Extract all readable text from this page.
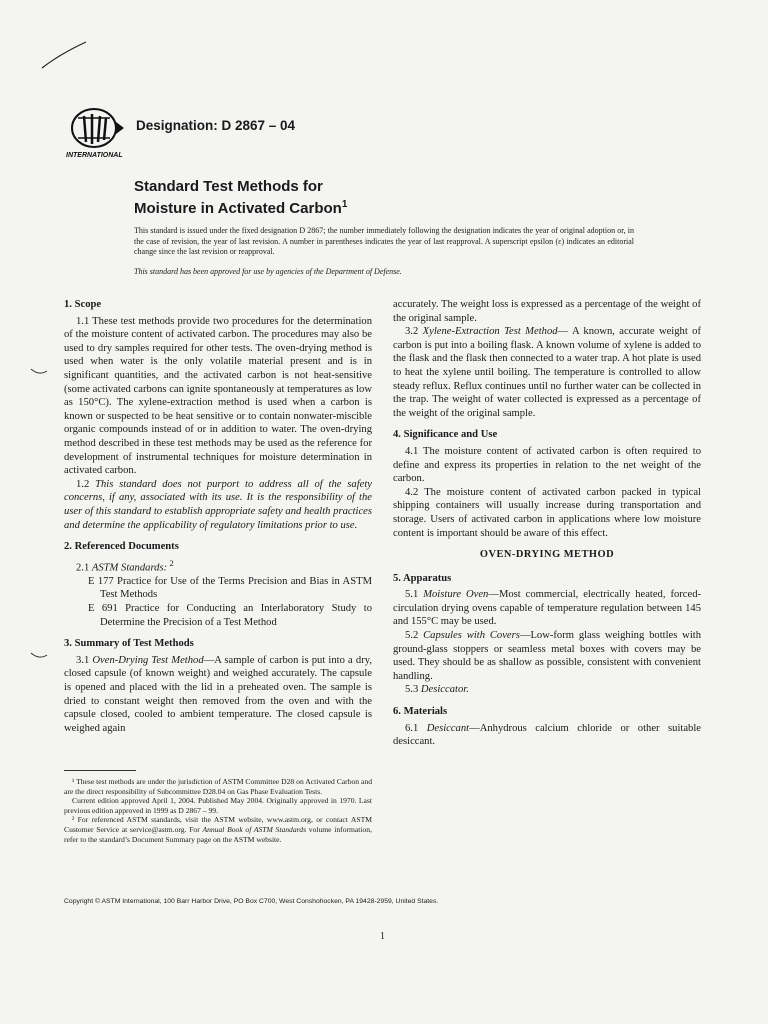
INTERNATIONAL
Designation: D 2867 – 04
Standard Test Methods for
Moisture in Activated Carbon$^1$
This standard is issued under the fixed designation D 2867; the number immediately following the designation indicates the year of original adoption or, in the case of revision, the year of last revision. A number in parentheses indicates the year of last reapproval. A superscript epsilon (ε) indicates an editorial change since the last revision or reapproval.
This standard has been approved for use by agencies of the Department of Defense.
1. Scope

1.1 These test methods provide two procedures for the determination of the moisture content of activated carbon. The procedures may also be used to dry samples required for other tests. The oven-drying method is used when water is the only volatile material present and is in significant quantities, and the activated carbon is not heat-sensitive (some activated carbons can ignite spontaneously at temperatures as low as 150°C). The xylene-extraction method is used when a carbon is known or suspected to be heat sensitive or to contain nonwater-miscible organic compounds instead of or in addition to water. The oven-drying method described in these test methods may be used as the reference for development of instrumental techniques for moisture determination in activated carbon.

1.2 This standard does not purport to address all of the safety concerns, if any, associated with its use. It is the responsibility of the user of this standard to establish appropriate safety and health practices and determine the applicability of regulatory limitations prior to use.

2. Referenced Documents

2.1 ASTM Standards: $^2$

E 177 Practice for Use of the Terms Precision and Bias in ASTM Test Methods

E 691 Practice for Conducting an Interlaboratory Study to Determine the Precision of a Test Method

3. Summary of Test Methods

3.1 Oven-Drying Test Method—A sample of carbon is put into a dry, closed capsule (of known weight) and weighed accurately. The capsule is opened and placed with the lid in a preheated oven. The sample is dried to constant weight then removed from the oven and with the capsule closed, cooled to ambient temperature. The closed capsule is weighed again

accurately. The weight loss is expressed as a percentage of the weight of the original sample.

3.2 Xylene-Extraction Test Method— A known, accurate weight of carbon is put into a boiling flask. A known volume of xylene is added to the flask and the flask then connected to a water trap. A hot plate is used to heat the xylene until boiling. The temperature is controlled to allow steady reflux. Reflux continues until no further water can be collected in the trap. The weight of water collected is expressed as a percentage of the weight of the original sample.

4. Significance and Use

4.1 The moisture content of activated carbon is often required to define and express its properties in relation to the net weight of the carbon.

4.2 The moisture content of activated carbon packed in typical shipping containers will usually increase during transportation and storage. Users of activated carbon in applications where low moisture content is important should be aware of this effect.

OVEN-DRYING METHOD
5. Apparatus

5.1 Moisture Oven—Most commercial, electrically heated, forced-circulation drying ovens capable of temperature regulation between 145 and 155°C may be used.

5.2 Capsules with Covers—Low-form glass weighing bottles with ground-glass stoppers or seamless metal boxes with covers may be used. They should be as shallow as possible, consistent with convenient handling.

5.3 Desiccator.

6. Materials

6.1 Desiccant—Anhydrous calcium chloride or other suitable desiccant.

¹ These test methods are under the jurisdiction of ASTM Committee D28 on Activated Carbon and are the direct responsibility of Subcommittee D28.04 on Gas Phase Evaluation Tests.

Current edition approved April 1, 2004. Published May 2004. Originally approved in 1970. Last previous edition approved in 1999 as D 2867 – 99.

² For referenced ASTM standards, visit the ASTM website, www.astm.org, or contact ASTM Customer Service at service@astm.org. For Annual Book of ASTM Standards volume information, refer to the standard’s Document Summary page on the ASTM website.

Copyright © ASTM International, 100 Barr Harbor Drive, PO Box C700, West Conshohocken, PA 19428-2959, United States.
1
